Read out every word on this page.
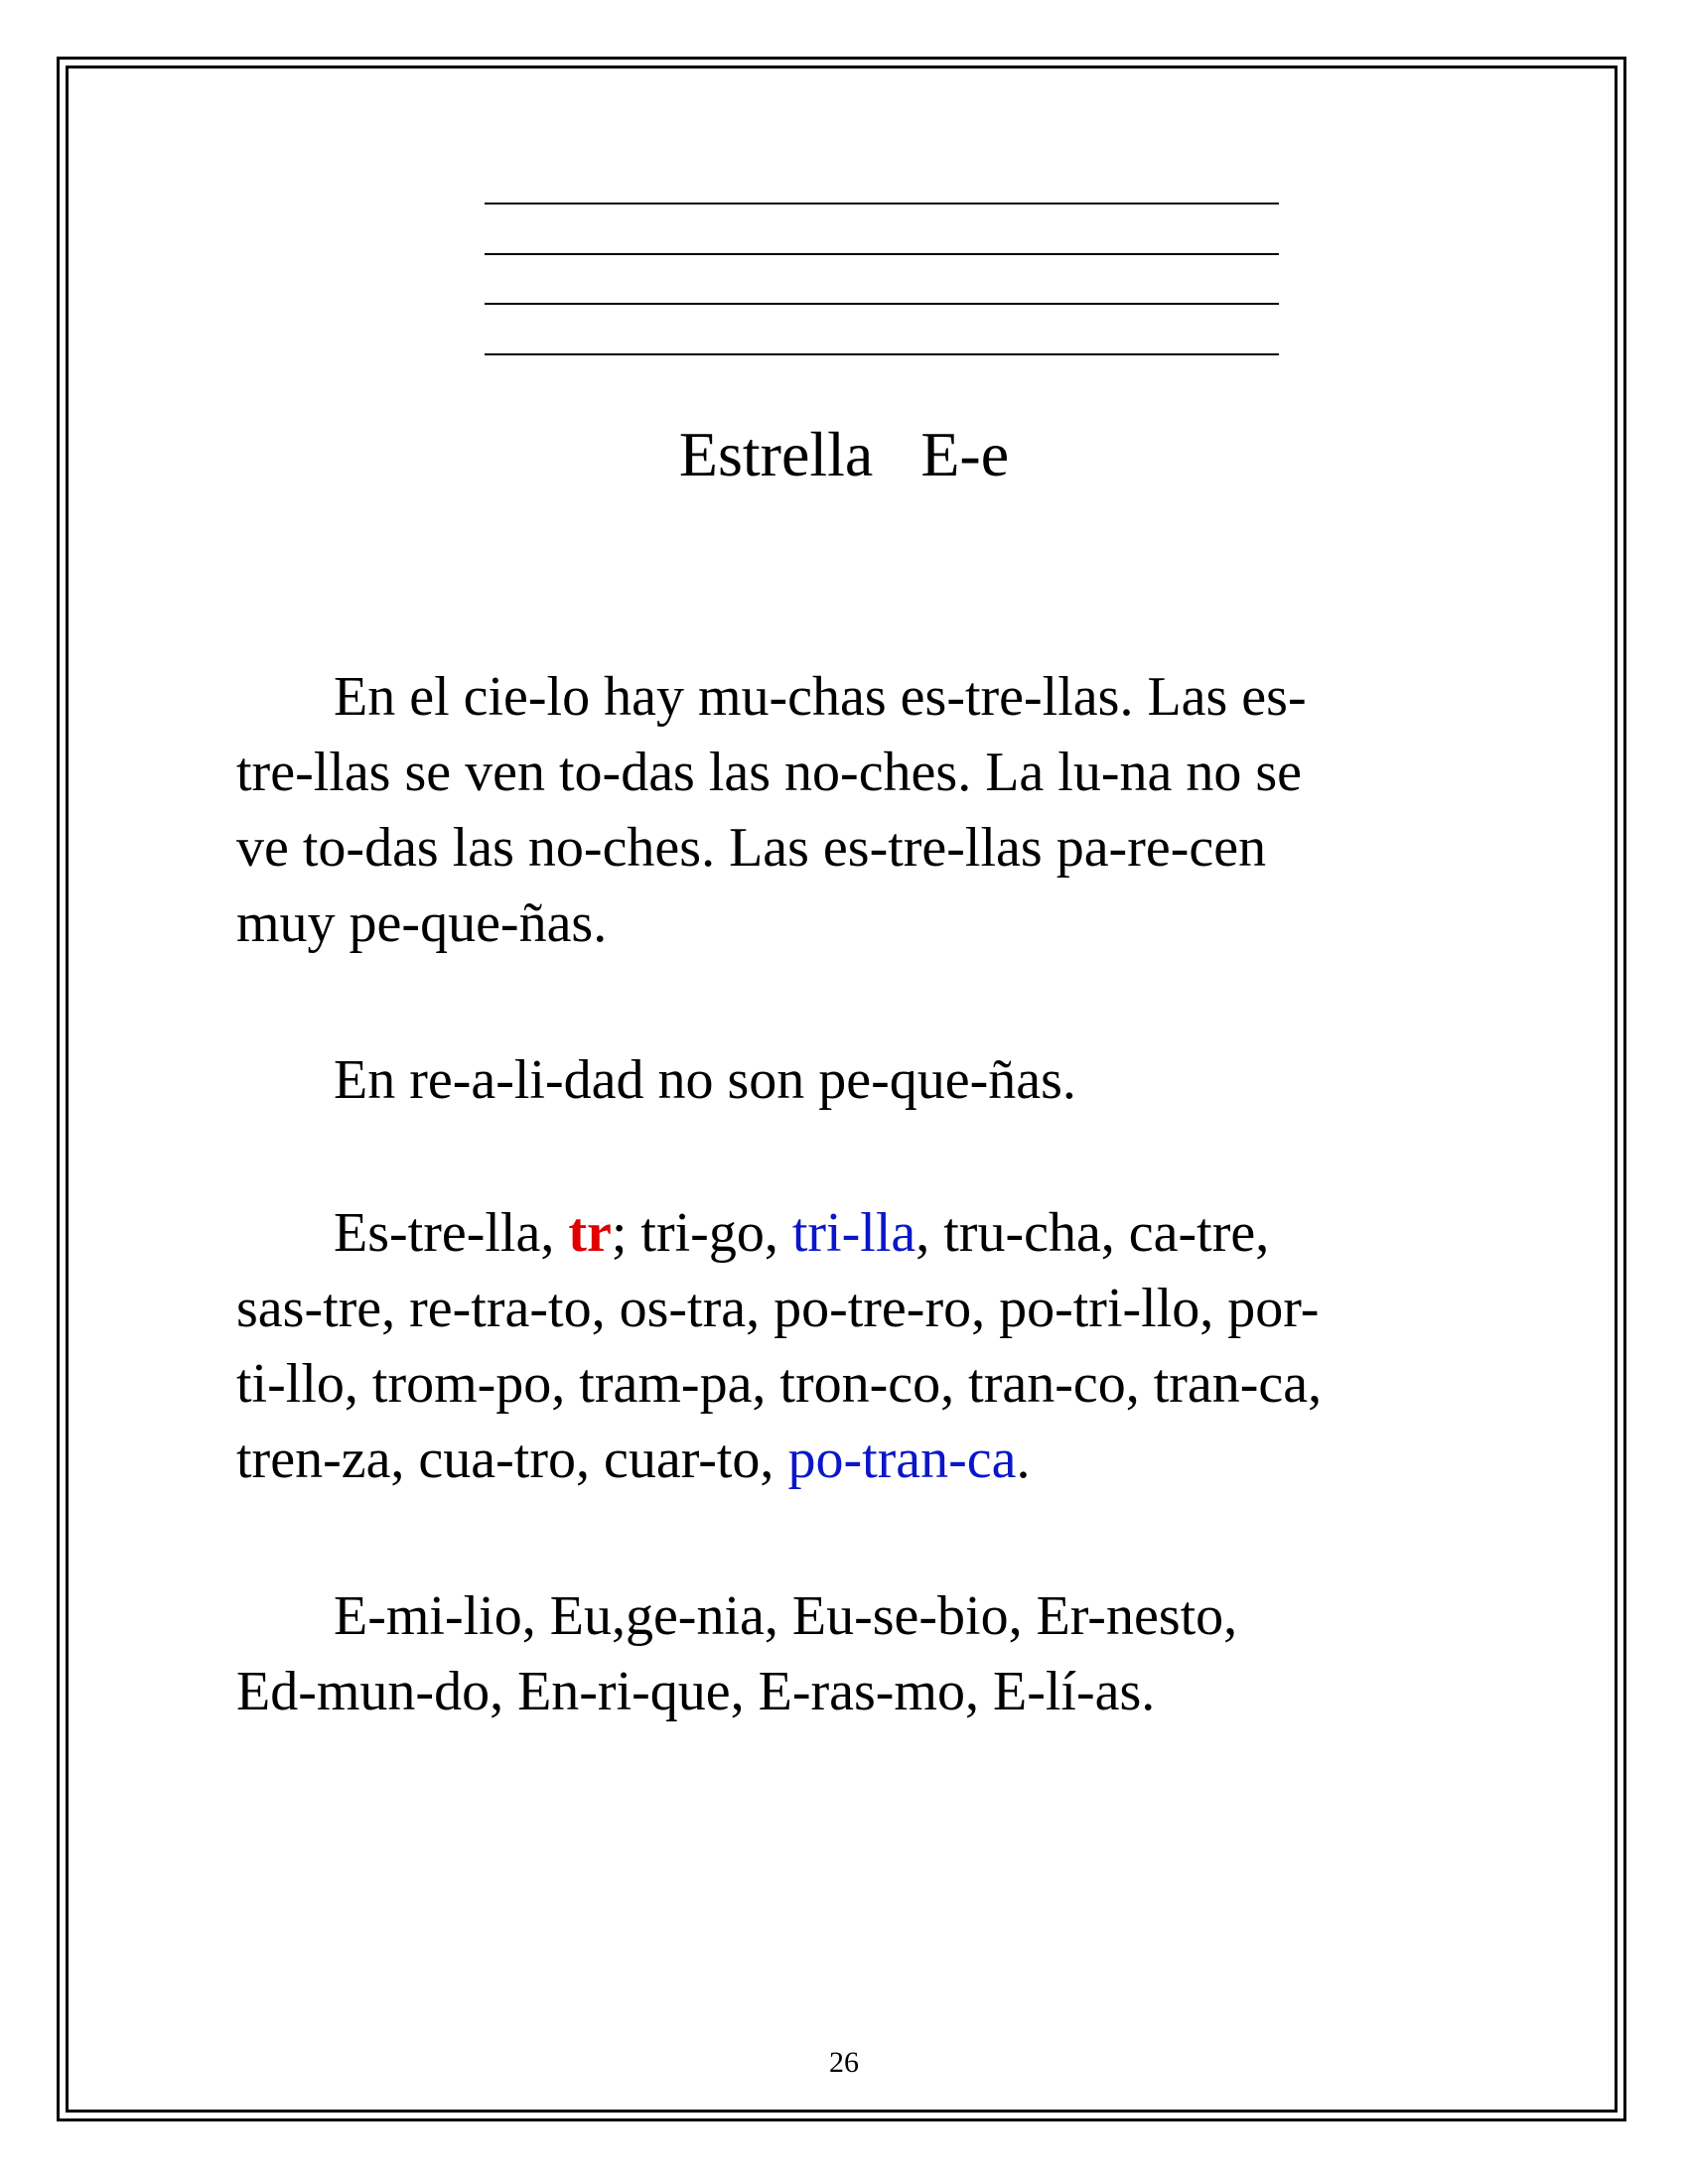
Estrella E-e

En el cie-lo hay mu-chas es-tre-llas. Las es-
tre-llas se ven to-das las no-ches. La lu-na no se
ve to-das las no-ches. Las es-tre-llas pa-re-cen
muy pe-que-ñas.

En re-a-li-dad no son pe-que-ñas.

Es-tre-lla, tr; tri-go, tri-lla, tru-cha, ca-tre,
sas-tre, re-tra-to, os-tra, po-tre-ro, po-tri-llo, por-
ti-llo, trom-po, tram-pa, tron-co, tran-co, tran-ca,
tren-za, cua-tro, cuar-to, po-tran-ca.

E-mi-lio, Eu,ge-nia, Eu-se-bio, Er-nesto,
Ed-mun-do, En-ri-que, E-ras-mo, E-lí-as.

26
